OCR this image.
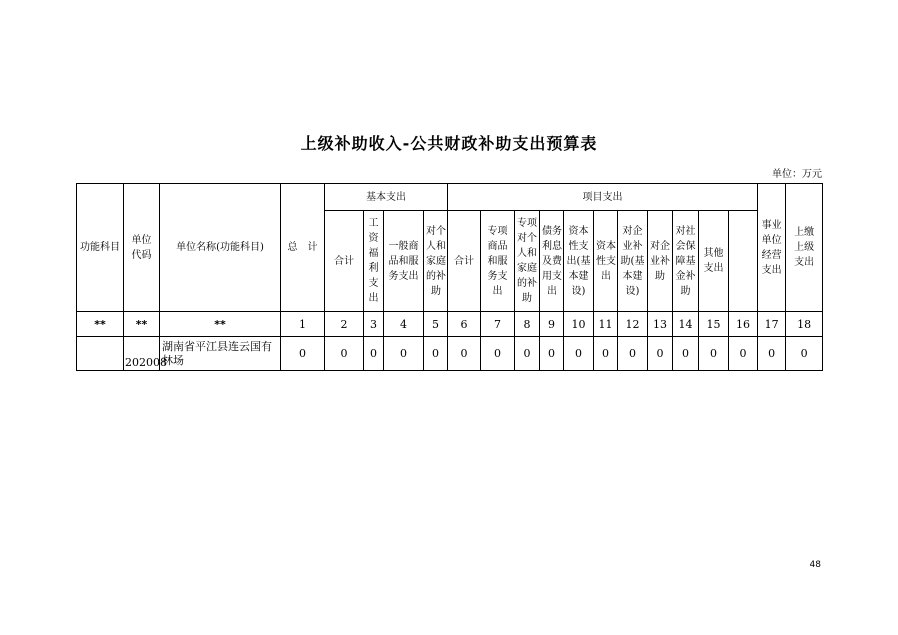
上级补助收入-公共财政补助支出预算表
单位：万元
功能科目	单位代码	单位名称(功能科目)	总　计	基本支出				项目支出											事业单位经营支出	上缴上级支出

				合计	工资福利支出	一般商品和服务支出	对个人和家庭的补助	合计	专项商品和服务支出	专项对个人和家庭的补助	债务利息及费用支出	资本性支出(基本建设)	资本性支出	对企业补助(基本建设)	对企业补助	对社会保障基金补助	其他支出				

**	**	**	1	2	3	4	5	6	7	8	9	10	11	12	13	14	15	16	17	18	
	202008	湖南省平江县连云国有林场	0	0	0	0	0	0	0	0	0	0	0	0	0	0	0	0	0	0	
48
